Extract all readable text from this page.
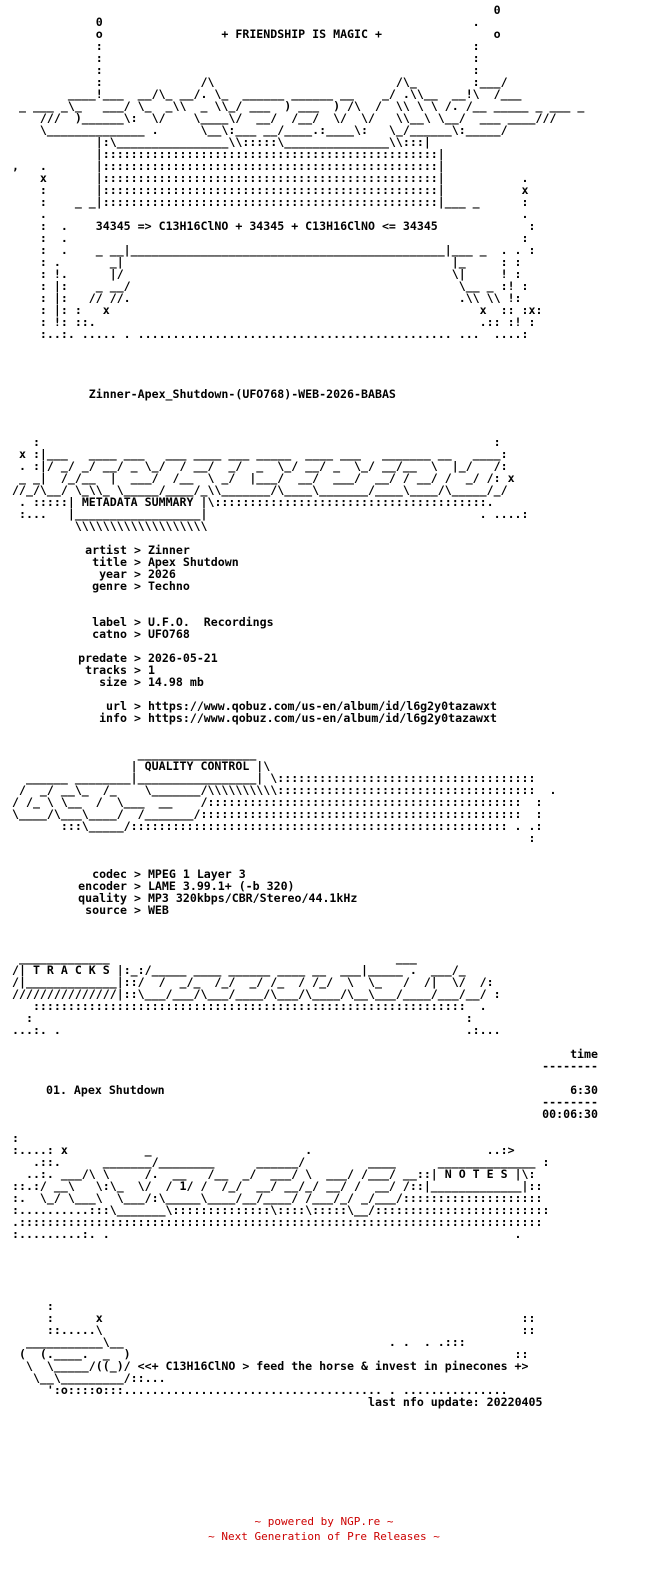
0
0                                                     .
o	+ FRIENDSHIP IS MAGIC +	o
:                                                     :
:                                                     :
:                                                     :
:              /\                          /\_        :___/
____!___  __/\_ __/. \_  ______ ______ __    _/ .\\__  __!\  /___
_ ___ _\_   ___/ \_  _\\  _ \\_/ ___  ) ___  ) /\  /  \\ \ \ /. /__ _____ _ ___ _
///  )______\:  \/    \____\/  __/  /__/  \/  \/   \\__\ \__/  ___ ____///
\______________ .      \__\:___ __/____.:____\:   \_/______\:_____/
|:\________________\\:::::\_______________\\:::|
|::::::::::::::::::::::::::::::::::::::::::::::::|
,   .       |::::::::::::::::::::::::::::::::::::::::::::::::|
x       |::::::::::::::::::::::::::::::::::::::::::::::::|           .
:       |::::::::::::::::::::::::::::::::::::::::::::::::|           x
:    _ _|::::::::::::::::::::::::::::::::::::::::::::::::|___ _      :
.                                                                    .
:  .    34345 => C13H16ClNO + 34345 + C13H16ClNO <= 34345	:
:  .                                                                 :
:  .    _ __|_____________________________________________|___ _  . . :
: .       _|                                               |_     : :
: !.      |/                                               \|     ! :
: |:    _ __/                                               \__ _ :! :
: |:   // //.                                               .\\ \\ !:
: |: :   x                                                     x  :: :x:
: !: ::.                                                       .:: :! :
:..:. ..... . ............................................. ...  ....:
Zinner-Apex_Shutdown-(UFO768)-WEB-2026-BABAS
:                                                                 :
x :|___   ____ ___   ___ ____ ___ _____  ____ ___   _______ __   ____:
. :|/ _/ _/ __/ _ \_/  / __/  _/  _  \_/ __/ _  \_/ __/__  \  |_/   /:
_ _|  /_/__  |  ___/  /__  \ _/  |___/  __/  ___/  __/ / __/ /  _/ /: x
//_/\__/ \_\\_ \_____/____/_\\_______/\____\_______/____\____/\_____/_/
. :::::| METADATA SUMMARY |\:::::::::::::::::::::::::::::::::::::::.
:...   |__________________|                                       . ....:
\\\\\\\\\\\\\\\\\\\
artist > Zinner
title > Apex Shutdown
year > 2026
genre > Techno
label > U.F.O.  Recordings
catno > UFO768
predate > 2026-05-21
tracks > 1
size > 14.98 mb
url > https://www.qobuz.com/us-en/album/id/l6g2y0tazawxt
info > https://www.qobuz.com/us-en/album/id/l6g2y0tazawxt
_________________
| QUALITY CONTROL |\
______ ________|_________________| \:::::::::::::::::::::::::::::::::::::
/  _/ __\_  /_    \_______/\\\\\\\\\\:::::::::::::::::::::::::::::::::::::  .
/ /_ \ \__  /  \___  __    /:::::::::::::::::::::::::::::::::::::::::::::  :
\____/\___\____/  /_______/::::::::::::::::::::::::::::::::::::::::::::::  :
:::\_____/:::::::::::::::::::::::::::::::::::::::::::::::::::::: . .:
:
codec > MPEG 1 Layer 3
encoder > LAME 3.99.1+ (-b 320)
quality > MP3 320kbps/CBR/Stereo/44.1kHz
source > WEB
_____________                                         ___
/| T R A C K S |:_:/_____ ____ ______ ____ __  ___|_____ .  ___/_
/|_____________|::/  /  _/_  /_/  _/ /_  / /_/  \  \_   /  /|  \/  /:
///////////////|::\___/___/\___/____/\___/\____/\__\___/____/___/__/ :
::::::::::::::::::::::::::::::::::::::::::::::::::::::::::::::  .
:                                                              :
...:. .                                                          .:...
time
--------
01. Apex Shutdown	6:30
--------
00:06:30
:
:....: x           _                      .                         ..:>
.::.      _______/________      ______/         ____      ______________ :
..:. ___/\ \     /.  __   /__  _/  ___/ \  ___/ /___/ __::| N O T E S |\:
::.:/ __\   \:\_  \/  / 1/ /  /_/  __/ __/_/ __/ /  __/ /::|_____________|::
:.  \_/ \___\  \___/:\_____\____/__/____/ /___/_/ _/___/::::::::::::::::::::
:..........:::\_______\::::::::::::::\::::\:::::\__/:::::::::::::::::::::::::
.:::::::::::::::::::::::::::::::::::::::::::::::::::::::::::::::::::::::::::
:.........:. .                                                          .
:
:      x                                                            ::
::.....\                                                            ::
___________\__                                      . .  . .:::
(  (.____.  _  )                                                       ::
\  \_____/((_)/ <<+ C13H16ClNO > feed the horse & invest in pinecones +>
\__\_________/::...
':o::::o:::..................................... . ...............

last nfo update: 20220405
~ powered by NGP.re ~
~ Next Generation of Pre Releases ~
